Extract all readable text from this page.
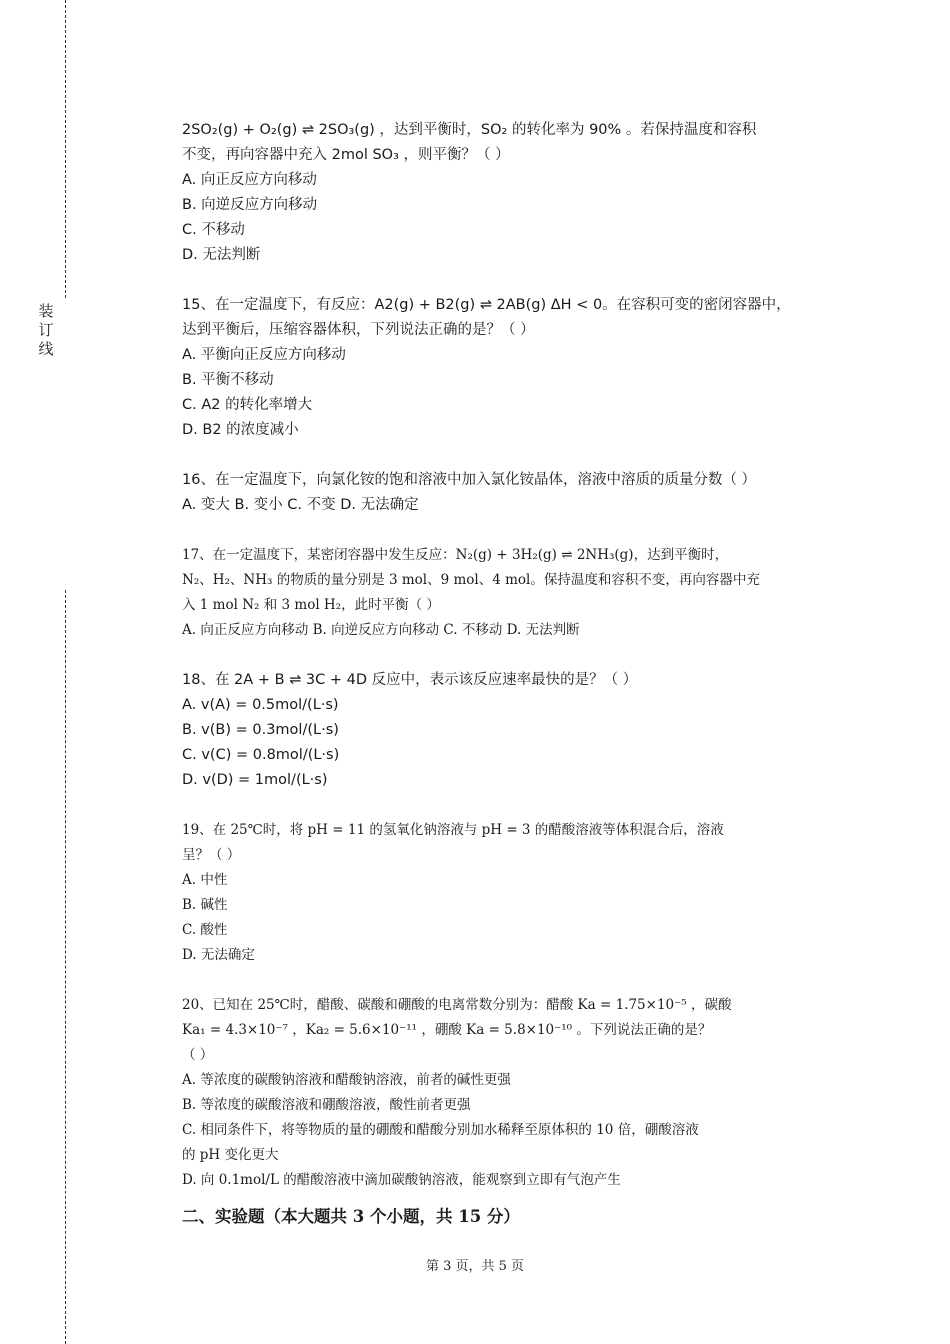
装
订
线
2SO₂(g) + O₂(g) ⇌ 2SO₃(g) ，达到平衡时，SO₂ 的转化率为 90% 。若保持温度和容积
不变，再向容器中充入 2mol SO₃ ，则平衡？（ ）
A. 向正反应方向移动
B. 向逆反应方向移动
C. 不移动
D. 无法判断
15、在一定温度下，有反应：A2(g) + B2(g) ⇌ 2AB(g) ΔH < 0。在容积可变的密闭容器中，
达到平衡后，压缩容器体积，下列说法正确的是？（ ）
A. 平衡向正反应方向移动
B. 平衡不移动
C. A2 的转化率增大
D. B2 的浓度减小
16、在一定温度下，向氯化铵的饱和溶液中加入氯化铵晶体，溶液中溶质的质量分数（ ）
A. 变大 B. 变小 C. 不变 D. 无法确定
17、在一定温度下，某密闭容器中发生反应：N₂(g) + 3H₂(g) ⇌ 2NH₃(g)，达到平衡时，
N₂、H₂、NH₃ 的物质的量分别是 3 mol、9 mol、4 mol。保持温度和容积不变，再向容器中充
入 1 mol N₂ 和 3 mol H₂，此时平衡（ ）
A. 向正反应方向移动 B. 向逆反应方向移动 C. 不移动 D. 无法判断
18、在 2A + B ⇌ 3C + 4D 反应中，表示该反应速率最快的是？（ ）
A. v(A) = 0.5mol/(L·s)
B. v(B) = 0.3mol/(L·s)
C. v(C) = 0.8mol/(L·s)
D. v(D) = 1mol/(L·s)
19、在 25℃时，将 pH = 11 的氢氧化钠溶液与 pH = 3 的醋酸溶液等体积混合后，溶液
呈？（ ）
A. 中性
B. 碱性
C. 酸性
D. 无法确定
20、已知在 25℃时，醋酸、碳酸和硼酸的电离常数分别为：醋酸 Ka = 1.75×10⁻⁵ ，碳酸
Ka₁ = 4.3×10⁻⁷ ，Ka₂ = 5.6×10⁻¹¹ ，硼酸 Ka = 5.8×10⁻¹⁰ 。下列说法正确的是？
（ ）
A. 等浓度的碳酸钠溶液和醋酸钠溶液，前者的碱性更强
B. 等浓度的碳酸溶液和硼酸溶液，酸性前者更强
C. 相同条件下，将等物质的量的硼酸和醋酸分别加水稀释至原体积的 10 倍，硼酸溶液
的 pH 变化更大
D. 向 0.1mol/L 的醋酸溶液中滴加碳酸钠溶液，能观察到立即有气泡产生
二、实验题（本大题共 3 个小题，共 15 分）
第 3 页，共 5 页
